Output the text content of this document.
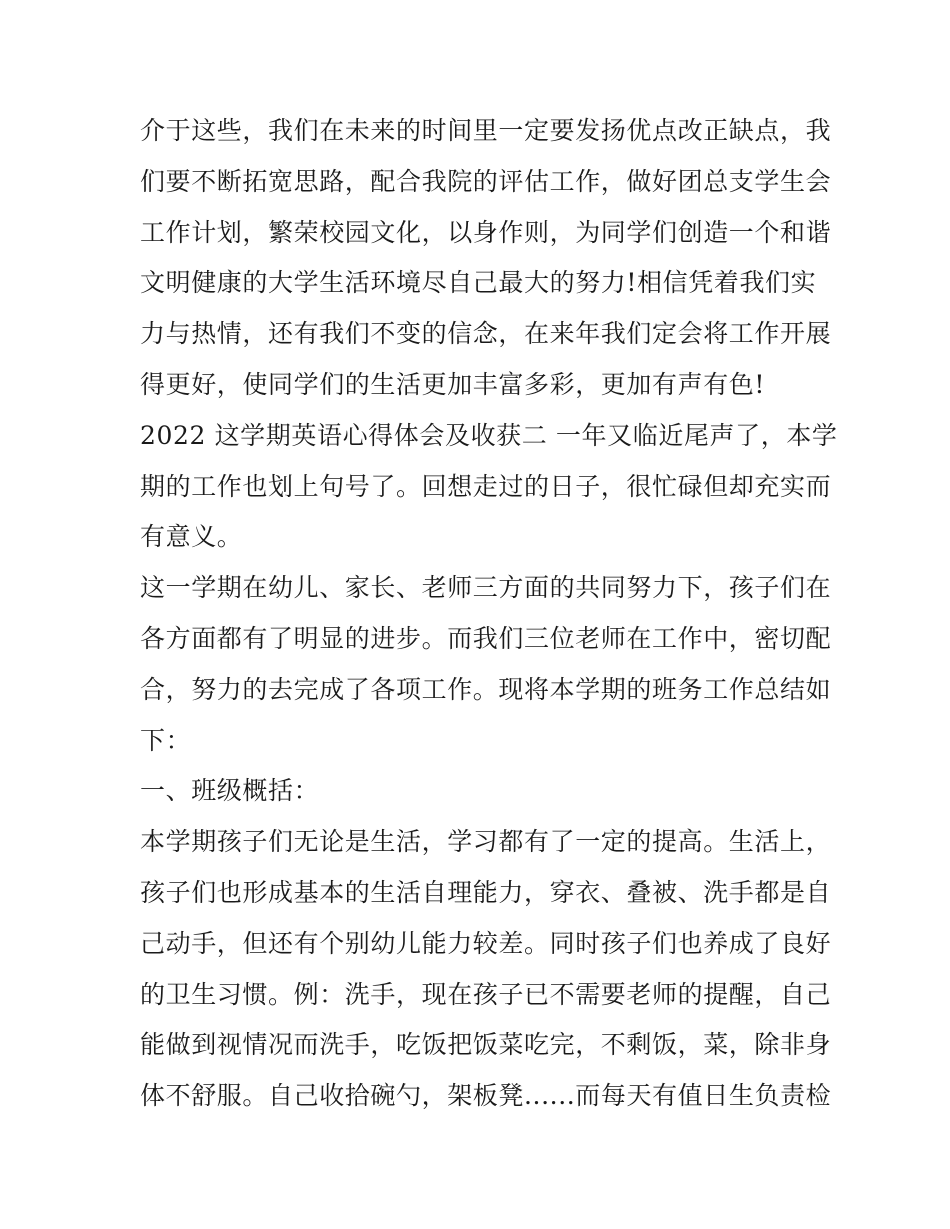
介于这些，我们在未来的时间里一定要发扬优点改正缺点，我
们要不断拓宽思路，配合我院的评估工作，做好团总支学生会
工作计划，繁荣校园文化，以身作则，为同学们创造一个和谐
文明健康的大学生活环境尽自己最大的努力!相信凭着我们实
力与热情，还有我们不变的信念，在来年我们定会将工作开展
得更好，使同学们的生活更加丰富多彩，更加有声有色!

2022 这学期英语心得体会及收获二 一年又临近尾声了，本学
期的工作也划上句号了。回想走过的日子，很忙碌但却充实而
有意义。

这一学期在幼儿、家长、老师三方面的共同努力下，孩子们在
各方面都有了明显的进步。而我们三位老师在工作中，密切配
合，努力的去完成了各项工作。现将本学期的班务工作总结如
下：

一、班级概括：

本学期孩子们无论是生活，学习都有了一定的提高。生活上，
孩子们也形成基本的生活自理能力，穿衣、叠被、洗手都是自
己动手，但还有个别幼儿能力较差。同时孩子们也养成了良好
的卫生习惯。例：洗手，现在孩子已不需要老师的提醒，自己
能做到视情况而洗手，吃饭把饭菜吃完，不剩饭，菜，除非身
体不舒服。自己收拾碗勺，架板凳......而每天有值日生负责检
